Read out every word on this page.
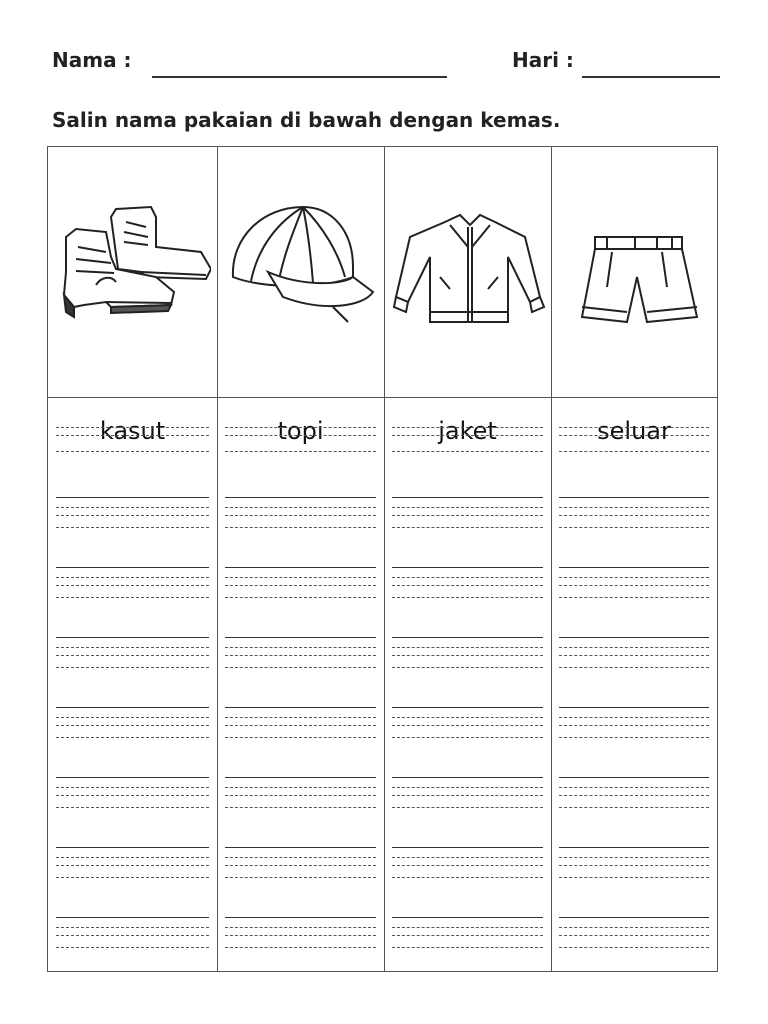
Nama :	Hari :
Salin nama pakaian di bawah dengan kemas.
kasut	topi	jaket	seluar
